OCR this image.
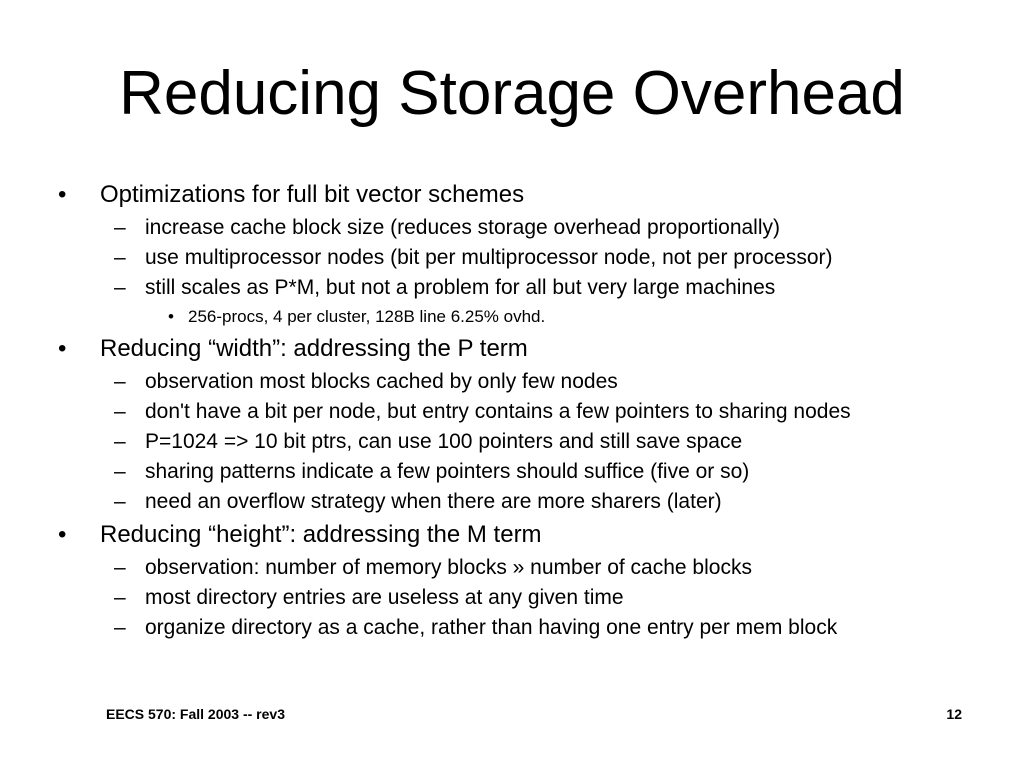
Reducing Storage Overhead
•	Optimizations for full bit vector schemes
– increase cache block size (reduces storage overhead proportionally)
– use multiprocessor nodes (bit per multiprocessor node, not per processor)
– still scales as P*M, but not a problem for all but very large machines
• 256-procs, 4 per cluster, 128B line 6.25% ovhd.
•	Reducing “width”: addressing the P term
– observation most blocks cached by only few nodes
– don't have a bit per node, but entry contains a few pointers to sharing nodes
– P=1024 => 10 bit ptrs, can use 100 pointers and still save space
– sharing patterns indicate a few pointers should suffice (five or so)
– need an overflow strategy when there are more sharers (later)
•	Reducing “height”: addressing the M term
– observation: number of memory blocks » number of cache blocks
– most directory entries are useless at any given time
– organize directory as a cache, rather than having one entry per mem block
EECS 570: Fall 2003 -- rev3	12
